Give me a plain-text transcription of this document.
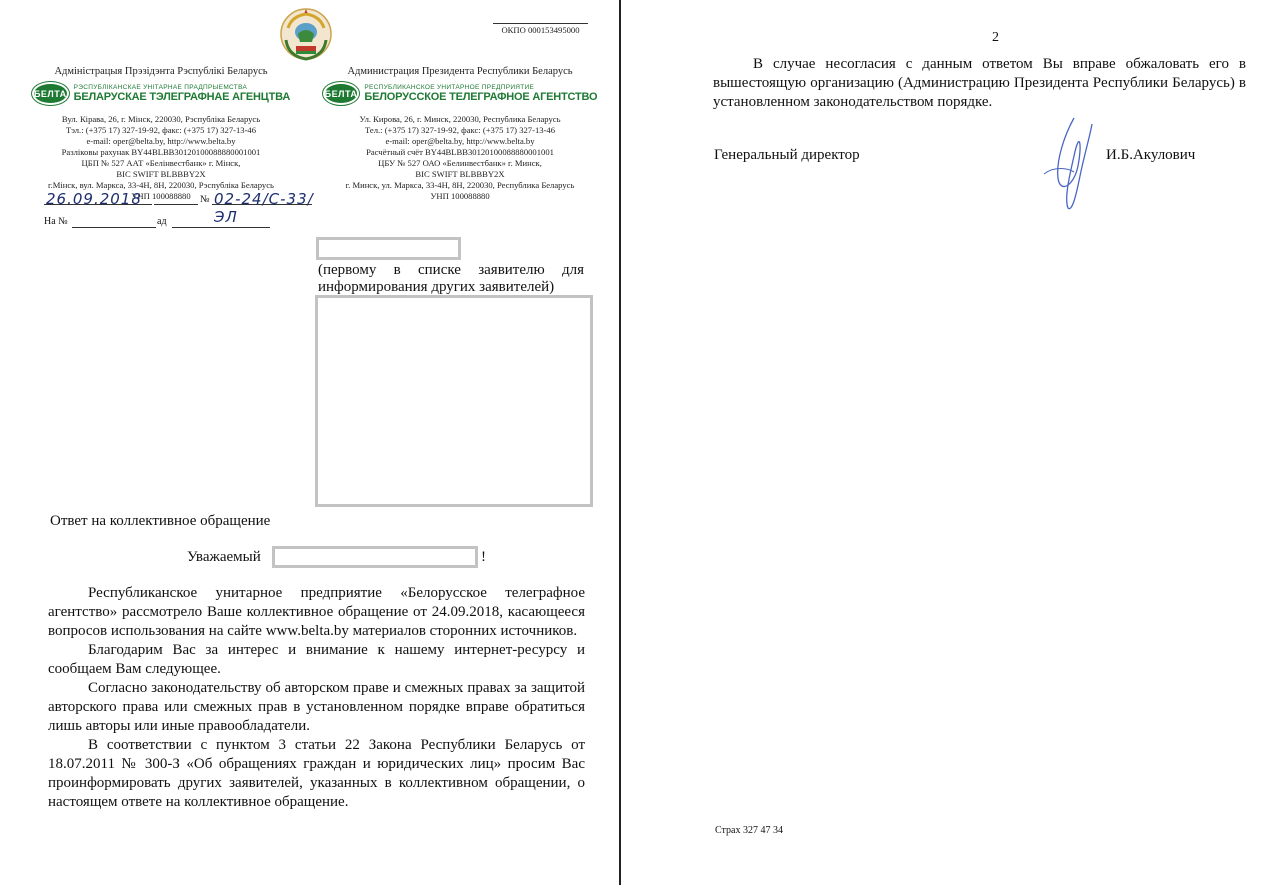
ОКПО 000153495000
Адміністрацыя Прэзідэнта Рэспублікі Беларусь
БЕЛТА
РЭСПУБЛІКАНСКАЕ УНІТАРНАЕ ПРАДПРЫЕМСТВА
БЕЛАРУСКАЕ ТЭЛЕГРАФНАЕ АГЕНЦТВА
Вул. Кірава, 26, г. Мінск, 220030, Рэспубліка Беларусь
Тэл.: (+375 17) 327-19-92, факс: (+375 17) 327-13-46
e-mail: oper@belta.by, http://www.belta.by
Разліковы рахунак BY44BLBB30120100088880001001
ЦБП № 527 ААТ «Белінвестбанк» г. Мінск,
BIC SWIFT BLBBBY2X
г.Мінск, вул. Маркса, 33-4Н, 8Н, 220030, Рэспубліка Беларусь
УНП 100088880
Администрация Президента Республики Беларусь
БЕЛТА
РЕСПУБЛИКАНСКОЕ УНИТАРНОЕ ПРЕДПРИЯТИЕ
БЕЛОРУССКОЕ ТЕЛЕГРАФНОЕ АГЕНТСТВО
Ул. Кирова, 26, г. Минск, 220030, Республика Беларусь
Тел.: (+375 17) 327-19-92, факс: (+375 17) 327-13-46
e-mail: oper@belta.by, http://www.belta.by
Расчётный счёт BY44BLBB30120100088880001001
ЦБУ № 527 ОАО «Белинвестбанк» г. Минск,
BIC SWIFT BLBBBY2X
г. Минск, ул. Маркса, 33-4Н, 8Н, 220030, Республика Беларусь
УНП 100088880
26.09.2018	№ 02-24/С-33/ЭЛ
На №	ад
(первому в списке заявителю для информирования других заявителей)
Ответ на коллективное обращение
Уважаемый	!

Республиканское унитарное предприятие «Белорусское телеграфное агентство» рассмотрело Ваше коллективное обращение от 24.09.2018, касающееся вопросов использования на сайте www.belta.by материалов сторонних источников.

Благодарим Вас за интерес и внимание к нашему интернет-ресурсу и сообщаем Вам следующее.

Согласно законодательству об авторском праве и смежных правах за защитой авторского права или смежных прав в установленном порядке вправе обратиться лишь авторы или иные правообладатели.

В соответствии с пунктом 3 статьи 22 Закона Республики Беларусь от 18.07.2011 № 300-З «Об обращениях граждан и юридических лиц» просим Вас проинформировать других заявителей, указанных в коллективном обращении, о настоящем ответе на коллективное обращение.

2

В случае несогласия с данным ответом Вы вправе обжаловать его в вышестоящую организацию (Администрацию Президента Республики Беларусь) в установленном законодательством порядке.

Генеральный директор	И.Б.Акулович
Страх 327 47 34
